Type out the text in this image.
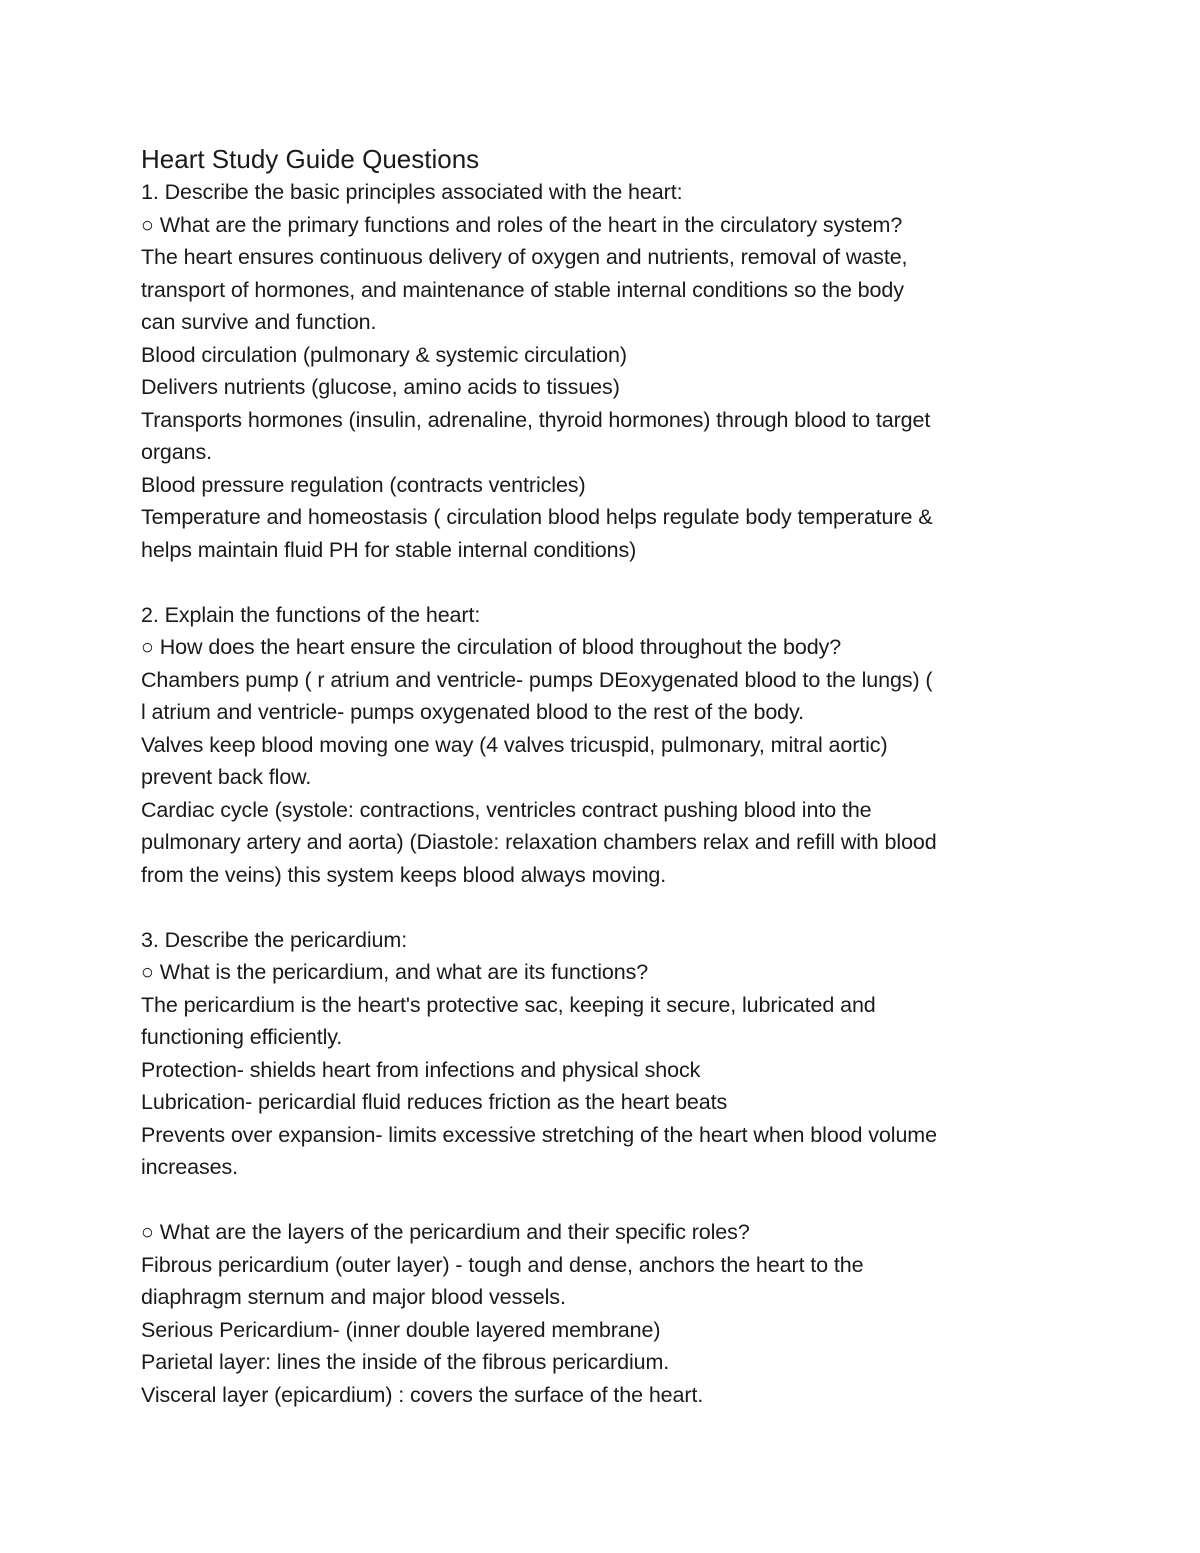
Heart Study Guide Questions

1. Describe the basic principles associated with the heart:

○ What are the primary functions and roles of the heart in the circulatory system?

The heart ensures continuous delivery of oxygen and nutrients, removal of waste,

transport of hormones, and maintenance of stable internal conditions so the body

can survive and function.

Blood circulation (pulmonary & systemic circulation)

Delivers nutrients (glucose, amino acids to tissues)

Transports hormones (insulin, adrenaline, thyroid hormones) through blood to target

organs.

Blood pressure regulation (contracts ventricles)

Temperature and homeostasis ( circulation blood helps regulate body temperature &

helps maintain fluid PH for stable internal conditions)

2. Explain the functions of the heart:

○ How does the heart ensure the circulation of blood throughout the body?

Chambers pump ( r atrium and ventricle- pumps DEoxygenated blood to the lungs) (

l atrium and ventricle- pumps oxygenated blood to the rest of the body.

Valves keep blood moving one way (4 valves tricuspid, pulmonary, mitral aortic)

prevent back flow.

Cardiac cycle (systole: contractions, ventricles contract pushing blood into the

pulmonary artery and aorta) (Diastole: relaxation chambers relax and refill with blood

from the veins) this system keeps blood always moving.

3. Describe the pericardium:

○ What is the pericardium, and what are its functions?

The pericardium is the heart's protective sac, keeping it secure, lubricated and

functioning efficiently.

Protection- shields heart from infections and physical shock

Lubrication- pericardial fluid reduces friction as the heart beats

Prevents over expansion- limits excessive stretching of the heart when blood volume

increases.

○ What are the layers of the pericardium and their specific roles?

Fibrous pericardium (outer layer) - tough and dense, anchors the heart to the

diaphragm sternum and major blood vessels.

Serious Pericardium- (inner double layered membrane)

Parietal layer: lines the inside of the fibrous pericardium.

Visceral layer (epicardium) : covers the surface of the heart.
